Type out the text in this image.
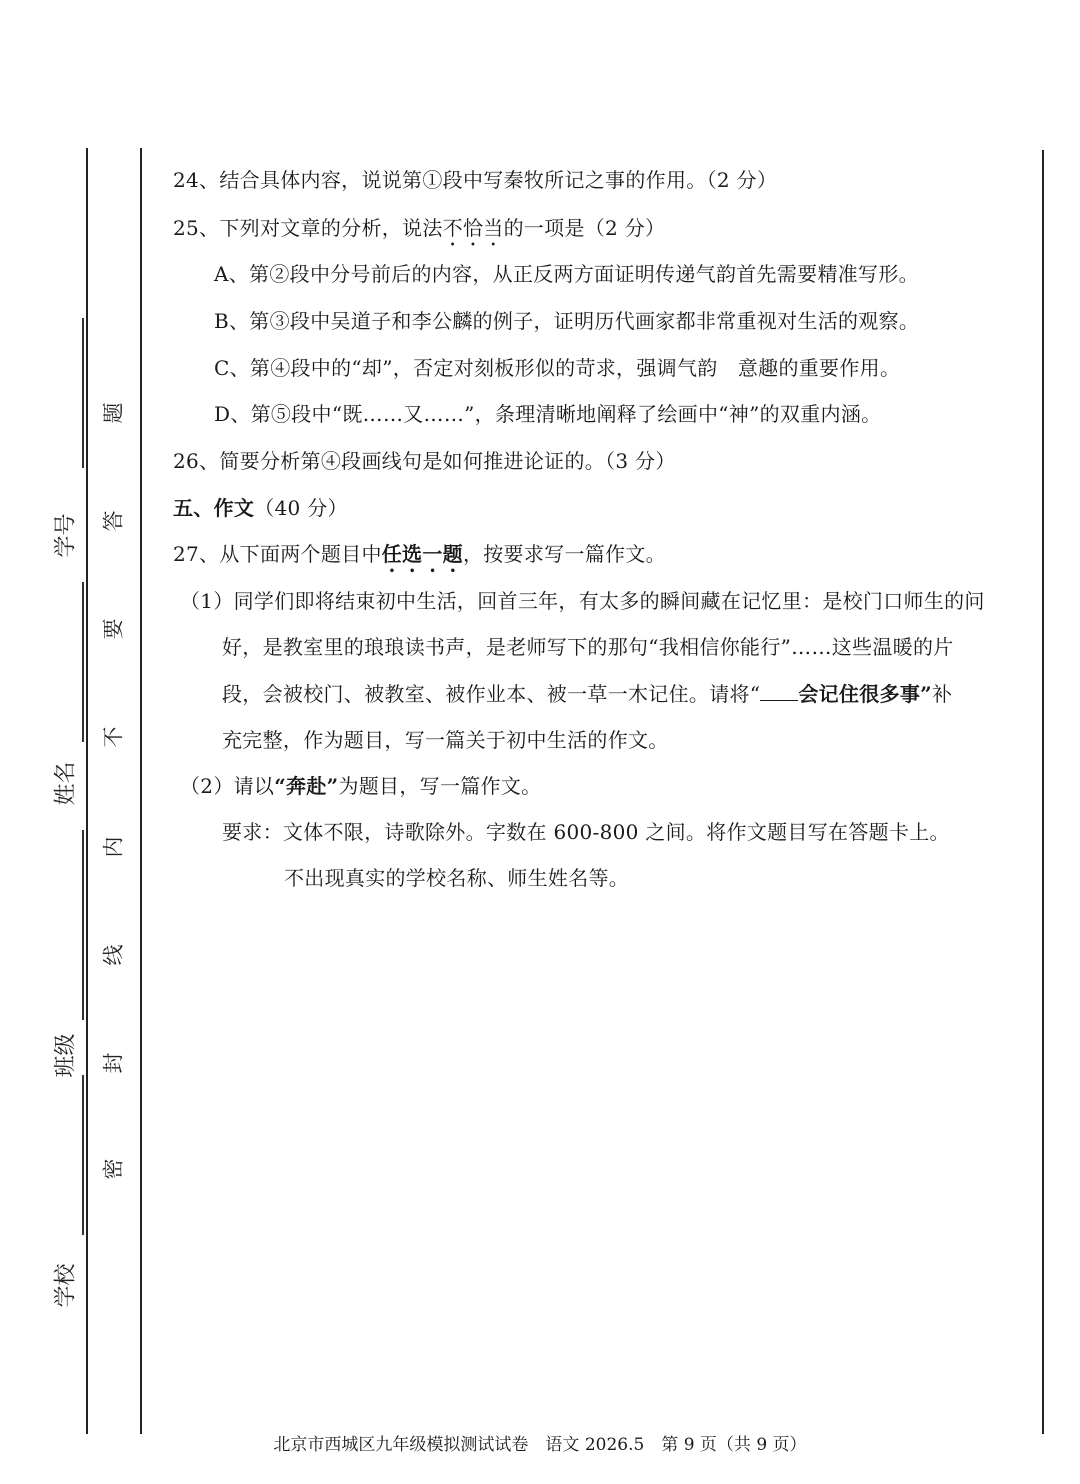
学号
姓名
班级
学校
题
答
要
不
内
线
封
密
24、结合具体内容，说说第①段中写秦牧所记之事的作用。（2 分）
25、下列对文章的分析，说法不恰当的一项是（2 分）
A、第②段中分号前后的内容，从正反两方面证明传递气韵首先需要精准写形。
B、第③段中吴道子和李公麟的例子，证明历代画家都非常重视对生活的观察。
C、第④段中的“却”，否定对刻板形似的苛求，强调气韵　意趣的重要作用。
D、第⑤段中“既……又……”，条理清晰地阐释了绘画中“神”的双重内涵。
26、简要分析第④段画线句是如何推进论证的。（3 分）
五、作文（40 分）
27、从下面两个题目中任选一题，按要求写一篇作文。
（1）同学们即将结束初中生活，回首三年，有太多的瞬间藏在记忆里：是校门口师生的问
好，是教室里的琅琅读书声，是老师写下的那句“我相信你能行”……这些温暖的片
段，会被校门、被教室、被作业本、被一草一木记住。请将“ 会记住很多事”补
充完整，作为题目，写一篇关于初中生活的作文。
（2）请以“奔赴”为题目，写一篇作文。
要求：文体不限，诗歌除外。字数在 600-800 之间。将作文题目写在答题卡上。
不出现真实的学校名称、师生姓名等。
北京市西城区九年级模拟测试试卷　语文 2026.5　第 9 页（共 9 页）
